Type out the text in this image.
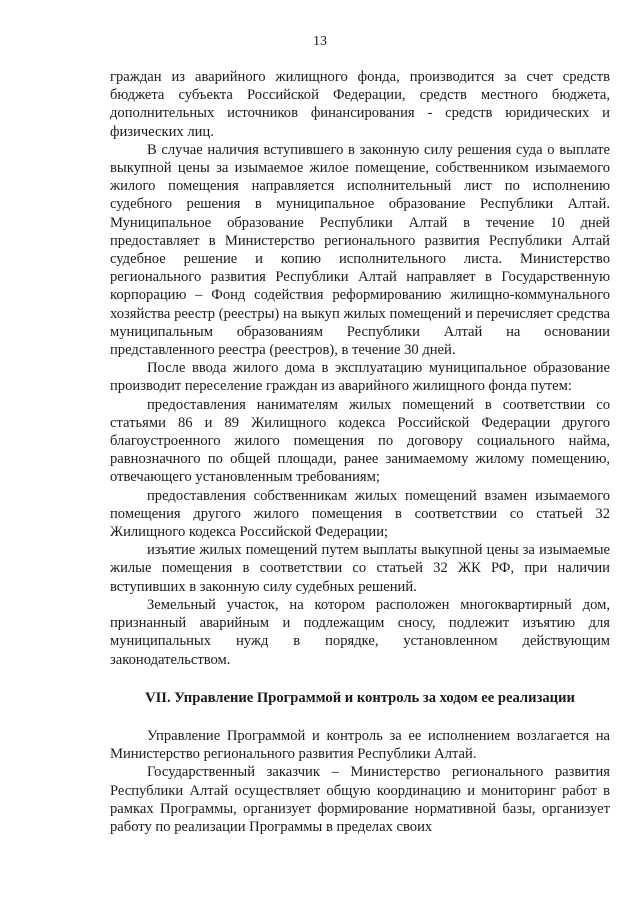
13

граждан из аварийного жилищного фонда, производится за счет средств бюджета субъекта Российской Федерации, средств местного бюджета, дополнительных источников финансирования - средств юридических и физических лиц.

В случае наличия вступившего в законную силу решения суда о выплате выкупной цены за изымаемое жилое помещение, собственником изымаемого жилого помещения направляется исполнительный лист по исполнению судебного решения в муниципальное образование Республики Алтай. Муниципальное образование Республики Алтай в течение 10 дней предоставляет в Министерство регионального развития Республики Алтай судебное решение и копию исполнительного листа. Министерство регионального развития Республики Алтай направляет в Государственную корпорацию – Фонд содействия реформированию жилищно-коммунального хозяйства реестр (реестры) на выкуп жилых помещений и перечисляет средства муниципальным образованиям Республики Алтай на основании представленного реестра (реестров), в течение 30 дней.

После ввода жилого дома в эксплуатацию муниципальное образование производит переселение граждан из аварийного жилищного фонда путем:

предоставления нанимателям жилых помещений в соответствии со статьями 86 и 89 Жилищного кодекса Российской Федерации другого благоустроенного жилого помещения по договору социального найма, равнозначного по общей площади, ранее занимаемому жилому помещению, отвечающего установленным требованиям;

предоставления собственникам жилых помещений взамен изымаемого помещения другого жилого помещения в соответствии со статьей 32 Жилищного кодекса Российской Федерации;

изъятие жилых помещений путем выплаты выкупной цены за изымаемые жилые помещения в соответствии со статьей 32 ЖК РФ, при наличии вступивших в законную силу судебных решений.

Земельный участок, на котором расположен многоквартирный дом, признанный аварийным и подлежащим сносу, подлежит изъятию для муниципальных нужд в порядке, установленном действующим законодательством.

VII. Управление Программой и контроль за ходом ее реализации

Управление Программой и контроль за ее исполнением возлагается на Министерство регионального развития Республики Алтай.

Государственный заказчик – Министерство регионального развития Республики Алтай осуществляет общую координацию и мониторинг работ в рамках Программы, организует формирование нормативной базы, организует работу по реализации Программы в пределах своих
